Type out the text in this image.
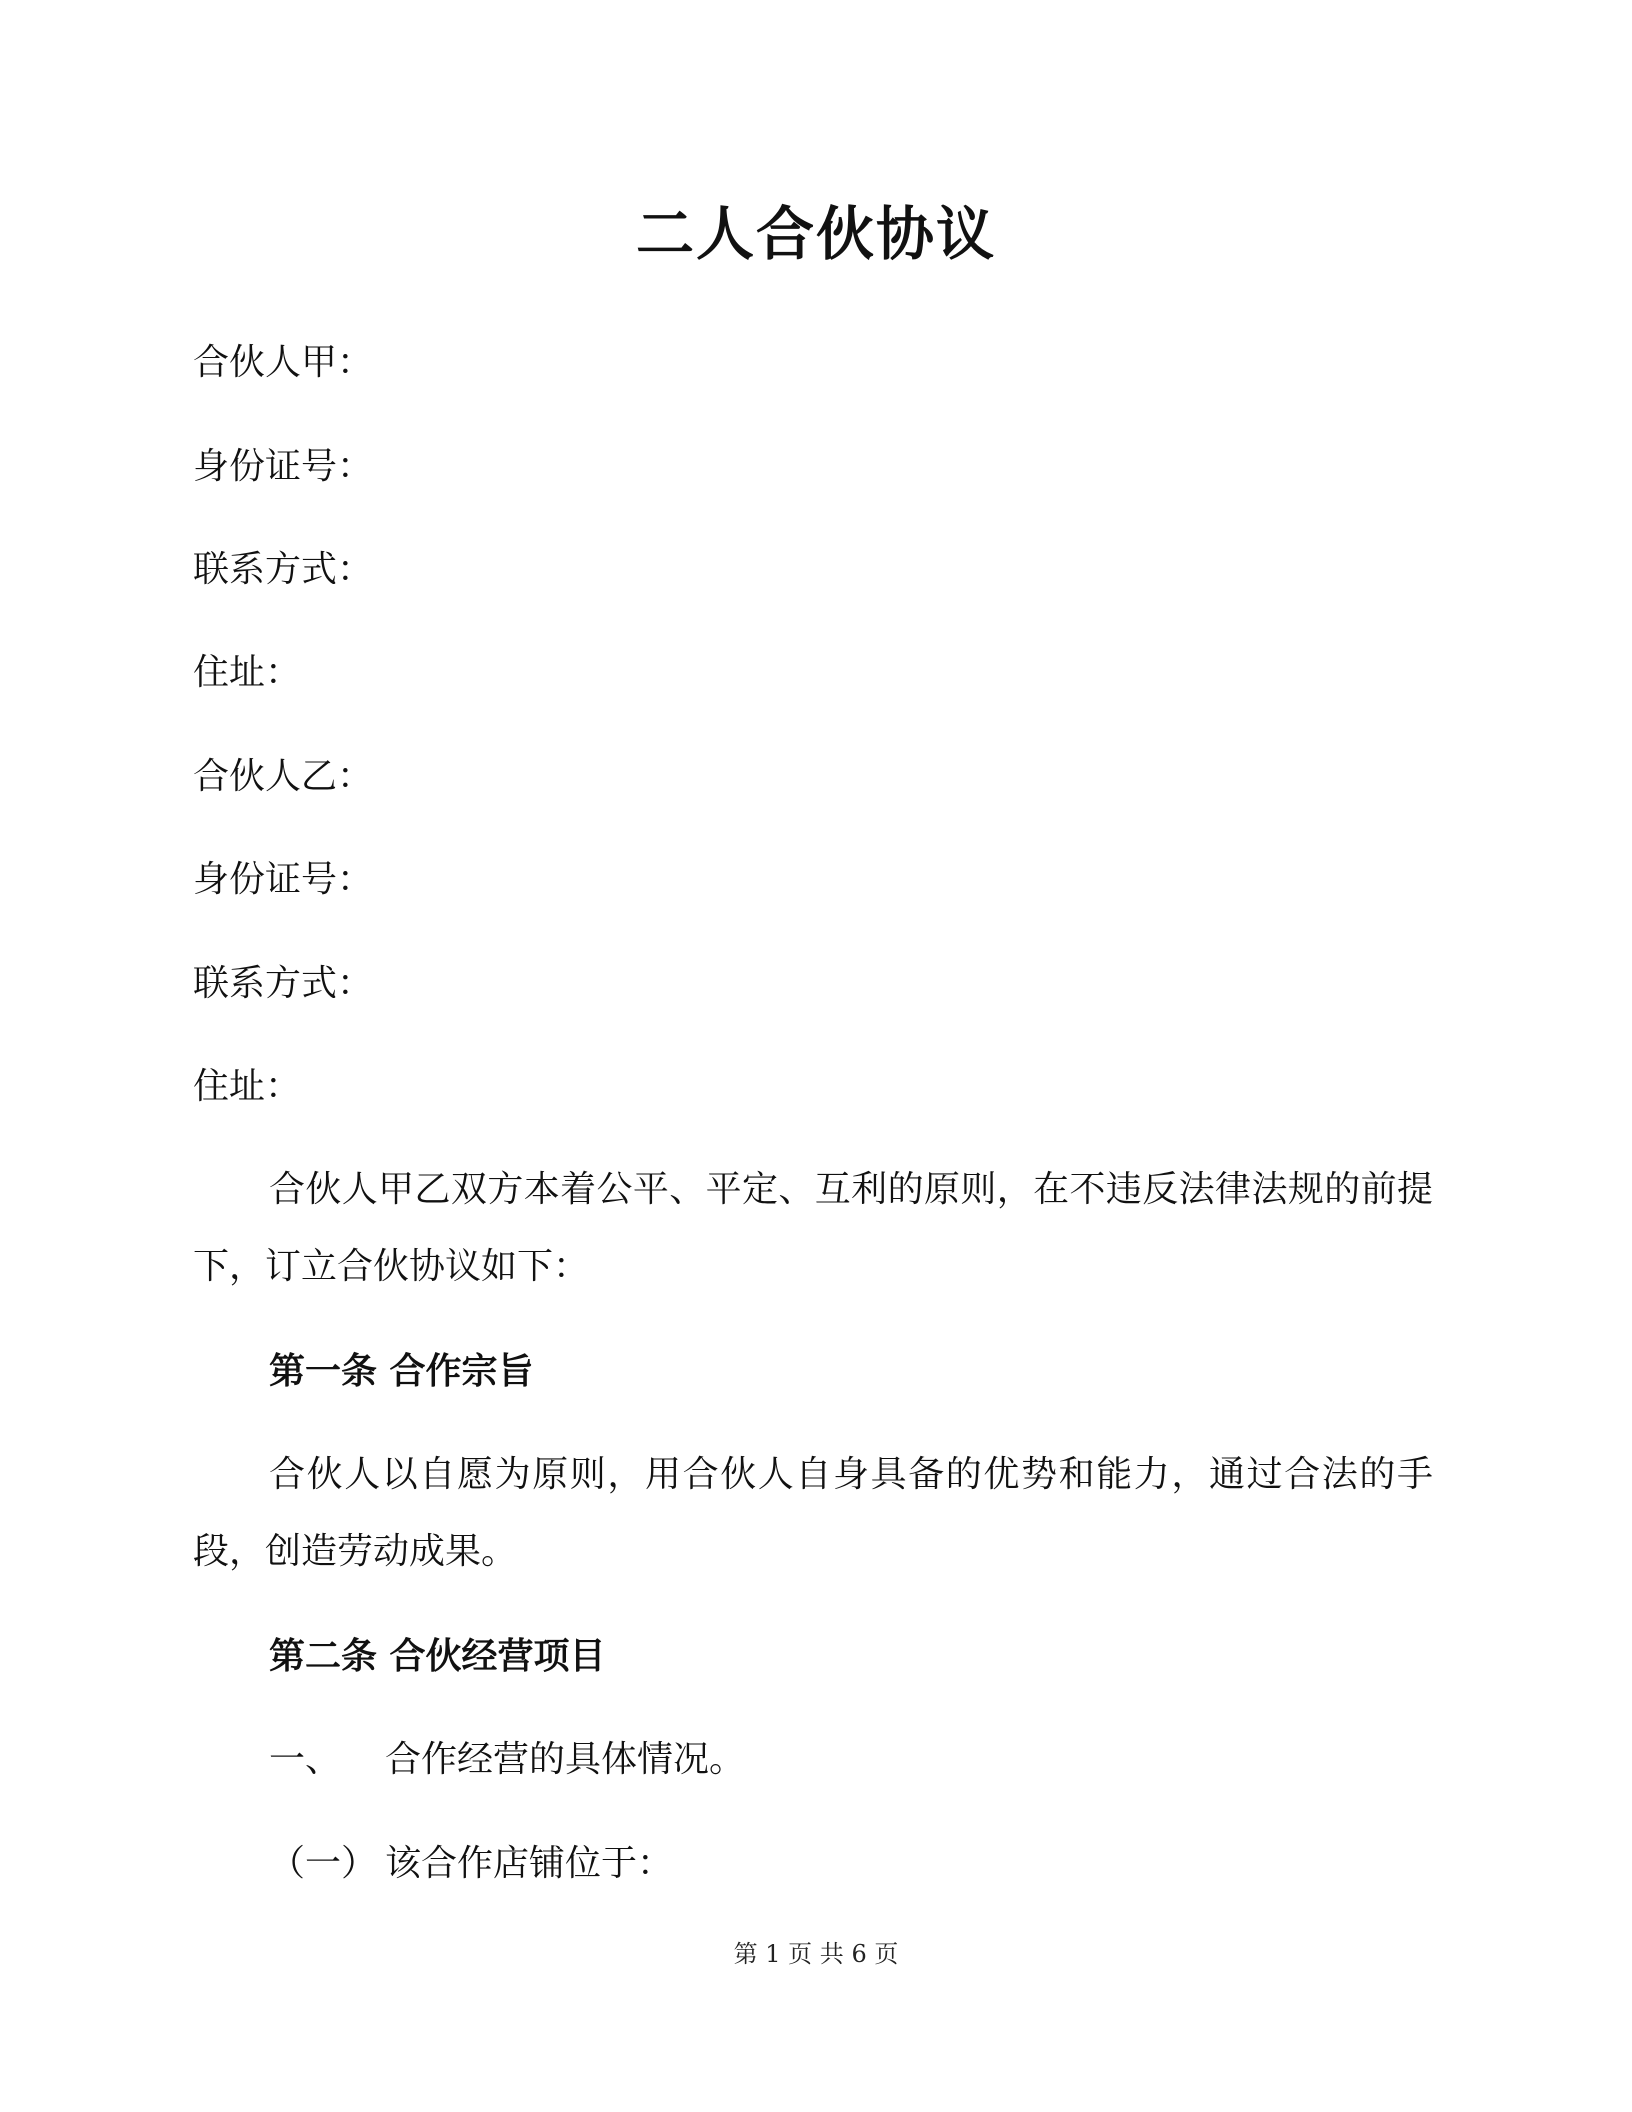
二人合伙协议
合伙人甲：
身份证号：
联系方式：
住址：
合伙人乙：
身份证号：
联系方式：
住址：
合伙人甲乙双方本着公平、平定、互利的原则，在不违反法律法规的前提下，订立合伙协议如下：
第一条 合作宗旨
合伙人以自愿为原则，用合伙人自身具备的优势和能力，通过合法的手段，创造劳动成果。
第二条 合伙经营项目
一、 合作经营的具体情况。
（一） 该合作店铺位于：
第 1 页 共 6 页
